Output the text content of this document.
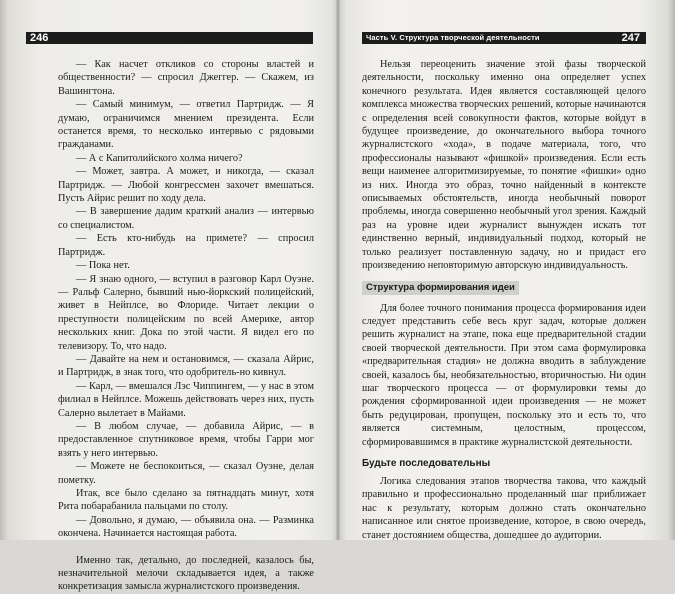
246	Часть V. Структура творческой деятельности	247

— Как насчет откликов со стороны властей и общественности? — спросил Джеггер. — Скажем, из Вашингтона.

— Самый минимум, — ответил Партридж. — Я думаю, ограничимся мнением президента. Если останется время, то несколько интервью с рядовыми гражданами.

— А с Капитолийского холма ничего?

— Может, завтра. А может, и никогда, — сказал Партридж. — Любой конгрессмен захочет вмешаться. Пусть Айрис решит по ходу дела.

— В завершение дадим краткий анализ — интервью со специалистом.

— Есть кто-нибудь на примете? — спросил Партридж.

— Пока нет.

— Я знаю одного, — вступил в разговор Карл Оуэне. — Ральф Салерно, бывший нью-йоркский полицейский, живет в Нейплсе, во Флориде. Читает лекции о преступности полицейским по всей Америке, автор нескольких книг. Дока по этой части. Я видел его по телевизору. То, что надо.

— Давайте на нем и остановимся, — сказала Айрис, и Партридж, в знак того, что одобритель-но кивнул.

— Карл, — вмешался Лэс Чиппингем, — у нас в этом филиал в Нейплсе. Можешь действовать через них, пусть Салерно вылетает в Майами.

— В любом случае, — добавила Айрис, — в предоставленное спутниковое время, чтобы Гарри мог взять у него интервью.

— Можете не беспокоиться, — сказал Оуэне, делая пометку.

Итак, все было сделано за пятнадцать минут, хотя Рита побарабанила пальцами по столу.

— Довольно, я думаю, — объявила она. — Разминка окончена. Начинается настоящая работа.

Именно так, детально, до последней, казалось бы, незначительной мелочи складывается идея, а также конкретизация замысла журналистского произведения.

Нельзя переоценить значение этой фазы творческой деятельности, поскольку именно она определяет успех конечного результата. Идея является составляющей целого комплекса множества творческих решений, которые начинаются с определения всей совокупности фактов, которые войдут в будущее произведение, до окончательного выбора точного журналистского «хода», в подаче материала, того, что профессионалы называют «фишкой» произведения. Если есть вещи наименее алгоритмизируемые, то понятие «фишки» одно из них. Иногда это образ, точно найденный в контексте описываемых обстоятельств, иногда необычный поворот проблемы, иногда совершенно необычный угол зрения. Каждый раз на уровне идеи журналист вынужден искать тот единственно верный, индивидуальный подход, который не только реализует поставленную задачу, но и придаст его произведению неповторимую авторскую индивидуальность.

Структура формирования идеи

Для более точного понимания процесса формирования идеи следует представить себе весь круг задач, которые должен решить журналист на этапе, пока еще предварительной стадии своей творческой деятельности. При этом сама формулировка «предварительная стадия» не должна вводить в заблуждение своей, казалось бы, необязательностью, вторичностью. Ни один шаг творческого процесса — от формулировки темы до рождения сформированной идеи произведения — не может быть редуцирован, пропущен, поскольку это и есть то, что является системным, целостным, процессом, сформировавшимся в практике журналистской деятельности.

Будьте последовательны

Логика следования этапов творчества такова, что каждый правильно и профессионально проделанный шаг приближает нас к результату, которым должно стать окончательно написанное или снятое произведение, которое, в свою очередь, станет достоянием общества, дошедшее до аудитории.
